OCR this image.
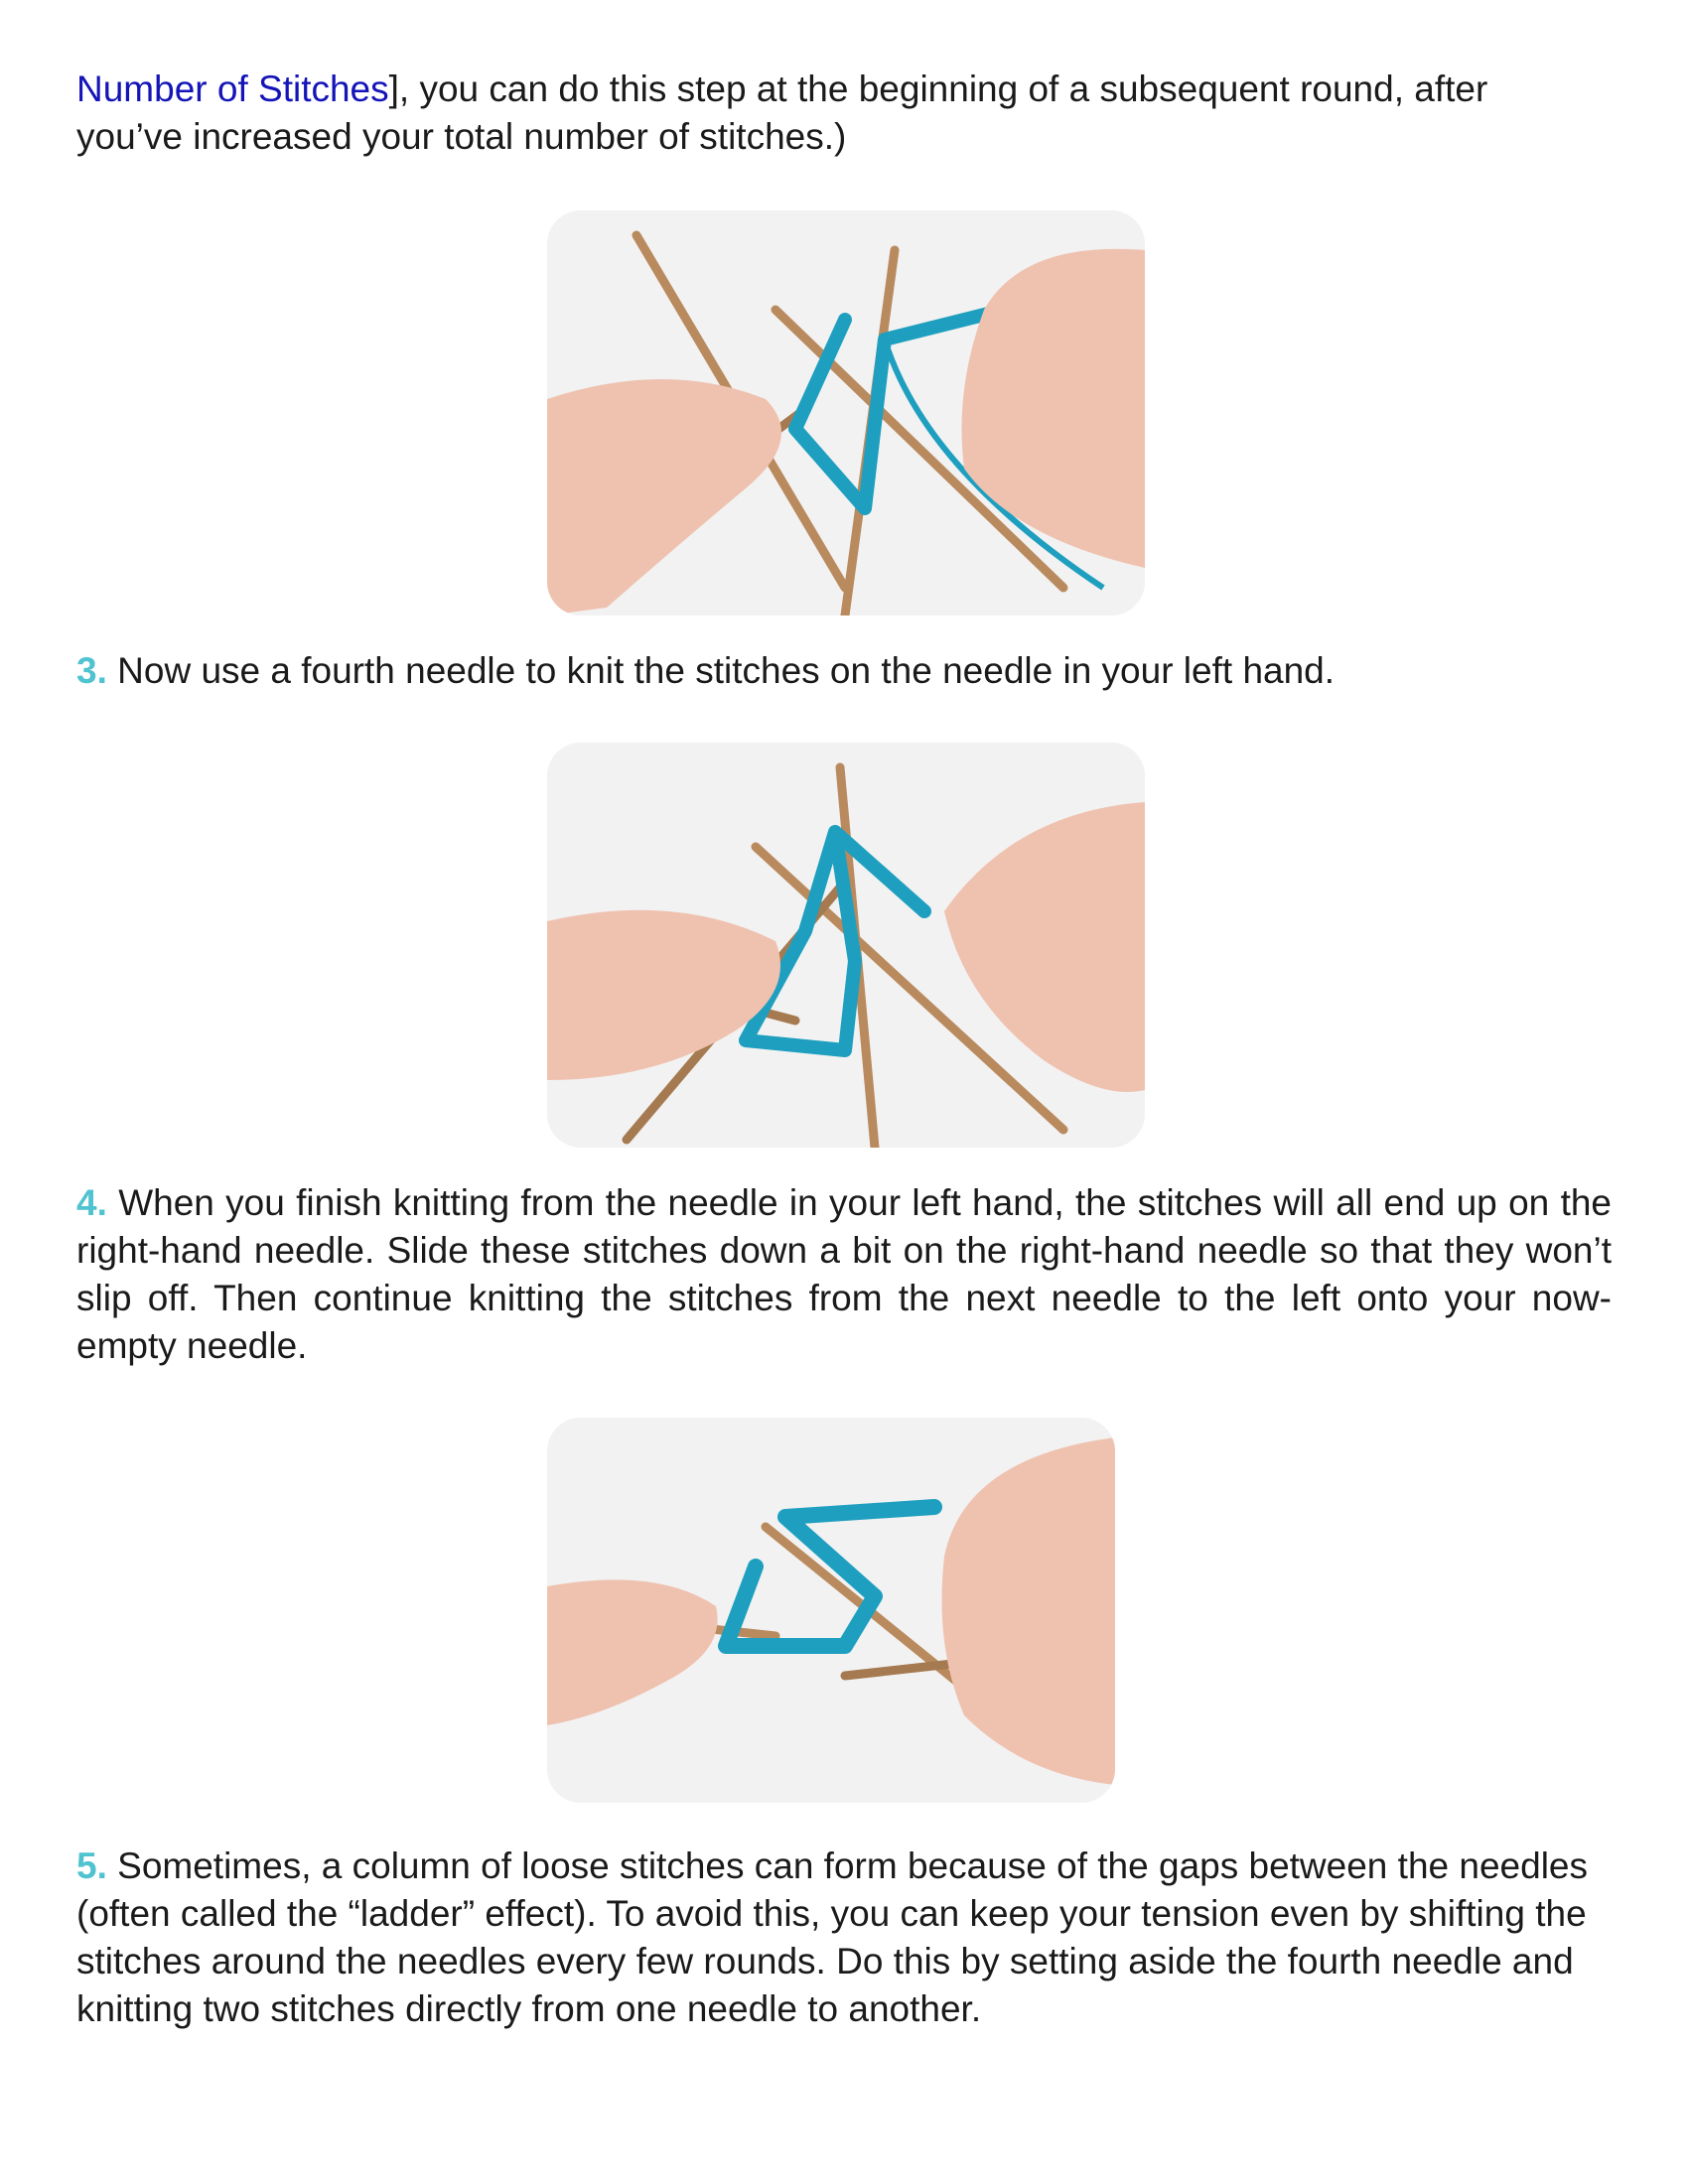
Number of Stitches], you can do this step at the beginning of a subsequent round, after
you’ve increased your total number of stitches.)

3. Now use a fourth needle to knit the stitches on the needle in your left hand.

4. When you finish knitting from the needle in your left hand, the stitches will all end up on the right-hand needle. Slide these stitches down a bit on the right-hand needle so that they won’t slip off. Then continue knitting the stitches from the next needle to the left onto your now-empty needle.

5. Sometimes, a column of loose stitches can form because of the gaps between the needles (often called the “ladder” effect). To avoid this, you can keep your tension even by shifting the stitches around the needles every few rounds. Do this by setting aside the fourth needle and knitting two stitches directly from one needle to another.
